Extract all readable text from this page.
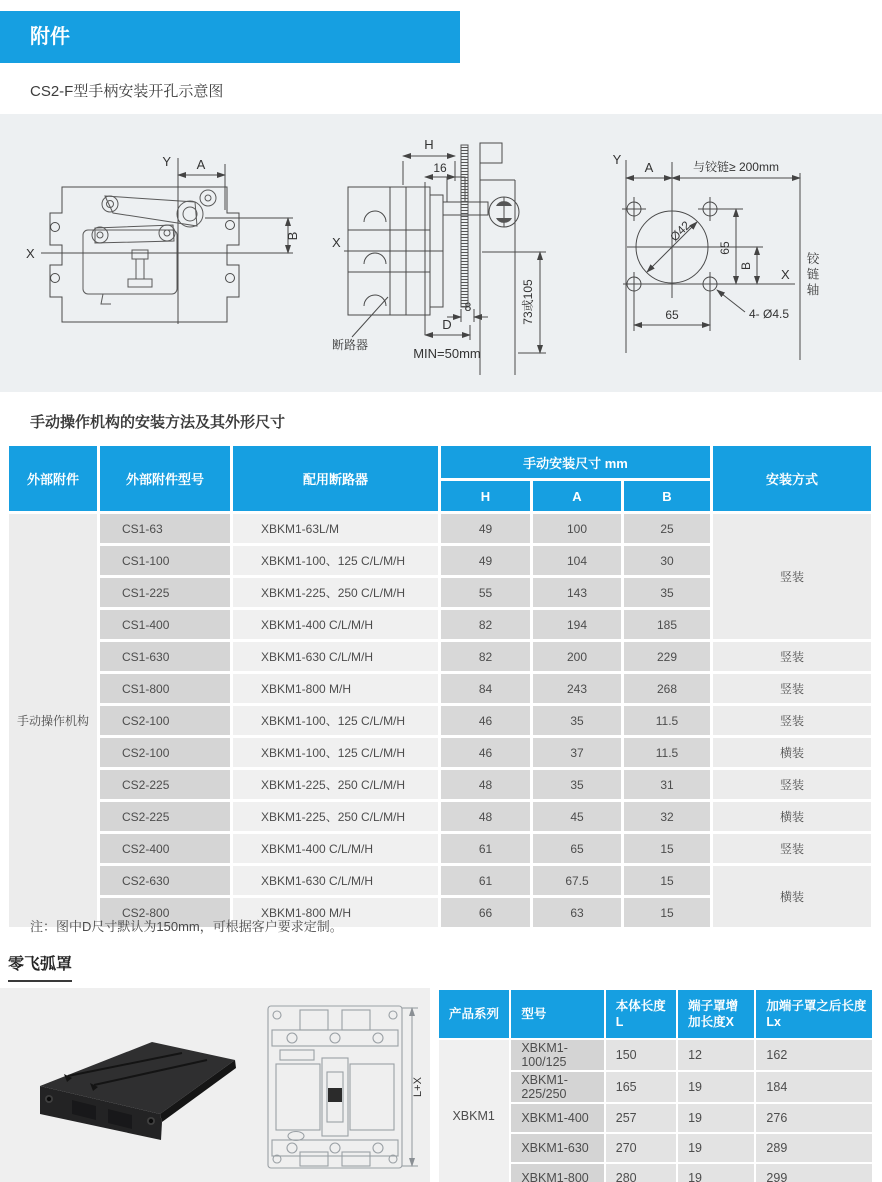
附件
CS2-F型手柄安装开孔示意图
Y
X
A
B X
H
16
8
D
MIN=50mm
73或105
断路器
Y
Ø42
A	与铰链≥ 200mm
65
B
X
65	4- Ø4.5
铰链轴
手动操作机构的安装方法及其外形尺寸
外部附件	外部附件型号	配用断路器	手动安装尺寸 mm			安装方式
			H	A	B	
手动操作机构	CS1-63	XBKM1-63L/M	49	100	25	竖装
	CS1-100	XBKM1-100、125 C/L/M/H	49	104	30	
	CS1-225	XBKM1-225、250 C/L/M/H	55	143	35	
	CS1-400	XBKM1-400 C/L/M/H	82	194	185	
	CS1-630	XBKM1-630 C/L/M/H	82	200	229	竖装
	CS1-800	XBKM1-800 M/H	84	243	268	竖装
	CS2-100	XBKM1-100、125 C/L/M/H	46	35	11.5	竖装
	CS2-100	XBKM1-100、125 C/L/M/H	46	37	11.5	横装
	CS2-225	XBKM1-225、250 C/L/M/H	48	35	31	竖装
	CS2-225	XBKM1-225、250 C/L/M/H	48	45	32	横装
	CS2-400	XBKM1-400 C/L/M/H	61	65	15	竖装
	CS2-630	XBKM1-630 C/L/M/H	61	67.5	15	横装
	CS2-800	XBKM1-800 M/H	66	63	15	
注：图中D尺寸默认为150mm，可根据客户要求定制。
零飞弧罩
L+X
产品系列	型号	本体长度L	端子罩增加长度X	加端子罩之后长度Lx
XBKM1	XBKM1-100/125	150	12	162
	XBKM1-225/250	165	19	184
	XBKM1-400	257	19	276
	XBKM1-630	270	19	289
	XBKM1-800	280	19	299
